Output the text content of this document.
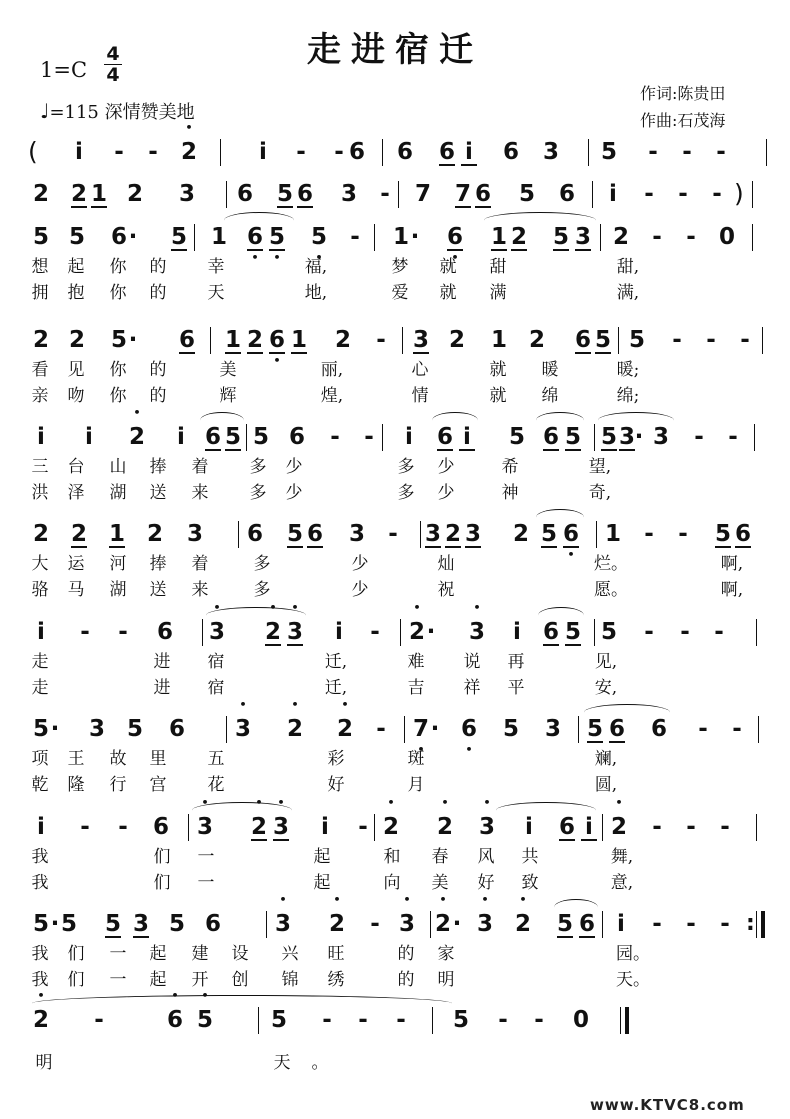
走进宿迁
1=C
4
4
♩=115 深情赞美地
作词:陈贵田
作曲:石茂海
( i - - • 2	i - - 6 6 6 i 6 3 5 - - -
2 2 1 2 3 6 5 6 3 - 7 7 6 5 6 i - - - )
5 5 6 · 5 1 • 6 • 5 • 5 - 1 · • 6 1 2 5 3 2 - - 0
想 起 你 的 幸	福,	梦 就 甜	甜,
拥 抱 你 的 天	地,	爱 就 满	满,
2 2 5 · 6 1 2 • 6 1 2 - 3 2 1 2 6 5 5 - - -
看 见 你 的	美	丽,	心	就 暖	暖;
亲 吻 你 的	辉	煌,	情	就 绵	绵;
i i • 2 i 6 5 5 6 - - i 6 i 5 6 5 5 3 · 3 - -
三 台 山 捧 着 多 少	多 少	希	望,
洪 泽 湖 送 来 多 少	多 少	神	奇,
2 2 1 2 3 6 5 6 3 - 3 2 3 2 5 • 6 1 - - 5 6
大 运 河 捧 着	多	少	灿	烂。	啊,
骆 马 湖 送 来	多	少	祝	愿。	啊,
i - - 6 • 3 • 2 • 3 i - • 2 · • 3 i 6 5 5 - - -
走	进 宿	迁,	难 说 再	见,
走	进 宿	迁,	吉 祥 平	安,
5 · 3 5 6 • 3 • 2 • 2 - • 7 · • 6 5 3 5 6 6 - -
项 王 故 里 五	彩	斑	斓,
乾 隆 行 宫 花	好	月	圆,
i - - 6 • 3 • 2 • 3 i - • 2 • 2 • 3 i 6 i • 2 - - -
我	们 一	起	和 春 风 共	舞,
我	们 一	起	向 美 好 致	意,
5 · 5 5 3 5 6 • 3 • 2 - • 3 • 2 · • 3 • 2 5 6 i - - - :
我 们 一 起 建 设 兴 旺	的 家	园。
我 们 一 起 开 创 锦 绣	的 明	天。
• 2 -	• 6 • 5	5 - - - 5 - - 0
明	天 。
www.KTVC8.com
